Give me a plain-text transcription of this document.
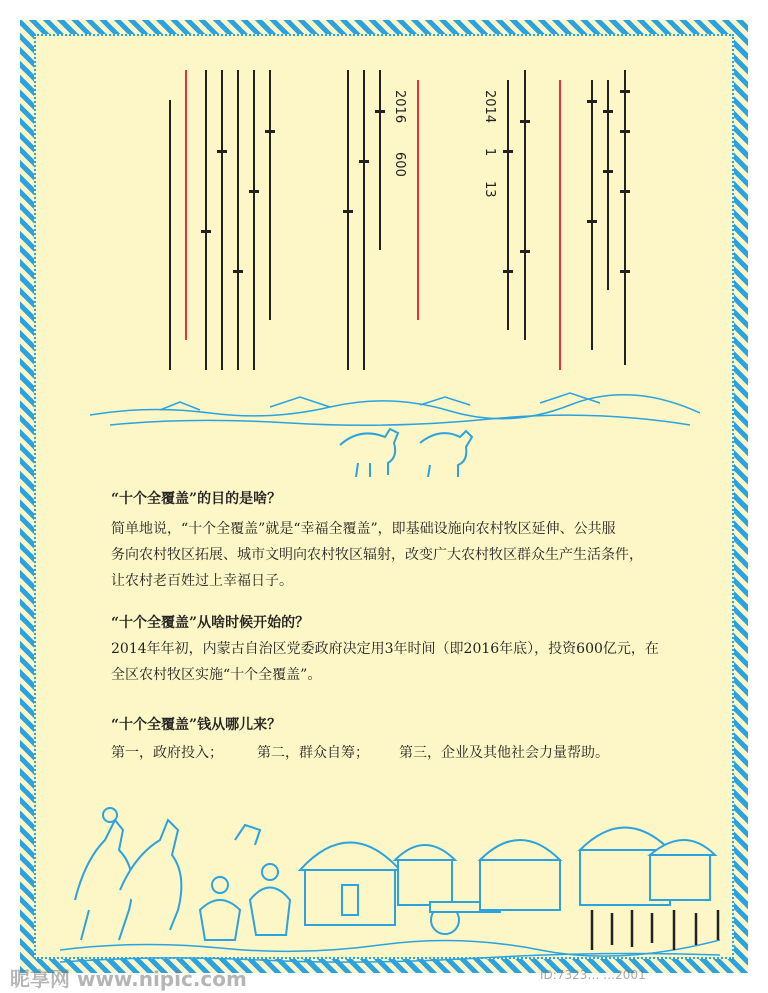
2016       600
2014      1      13
“十个全覆盖”的目的是啥？

简单地说，“十个全覆盖”就是“幸福全覆盖”，即基础设施向农村牧区延伸、公共服

务向农村牧区拓展、城市文明向农村牧区辐射，改变广大农村牧区群众生产生活条件，

让农村老百姓过上幸福日子。

“十个全覆盖”从啥时候开始的？

2014年年初，内蒙古自治区党委政府决定用3年时间（即2016年底），投资600亿元，在

全区农村牧区实施“十个全覆盖”。

“十个全覆盖”钱从哪儿来？
第一，政府投入； 第二，群众自筹； 第三，企业及其他社会力量帮助。
昵享网 www.nipic.com	ID:7323… …2001
